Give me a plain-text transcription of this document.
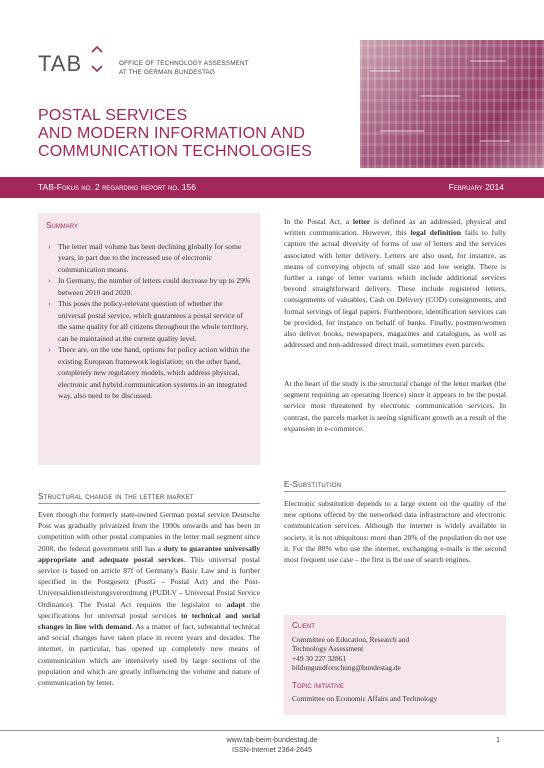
TAB	OFFICE OF TECHNOLOGY ASSESSMENT
AT THE GERMAN BUNDESTAG
POSTAL SERVICES
AND MODERN INFORMATION AND
COMMUNICATION TECHNOLOGIES
TAB-Fokus no. 2 regarding report no. 156	February 2014
Summary
› The letter mail volume has been declining globally for some years, in part due to the increased use of electronic communication means.
› In Germany, the number of letters could decrease by up to 29% between 2010 and 2020.
› This poses the policy-relevant question of whether the universal postal service, which guarantees a postal service of the same quality for all citizens throughout the whole territory, can be maintained at the current quality level.
› There are, on the one hand, options for policy action within the existing European framework legislation; on the other hand, completely new regulatory models, which address physical, electronic and hybrid communication systems in an integrated way, also need to be discussed.
Structural change in the letter market
Even though the formerly state-owned German postal service Deutsche Post was gradually privatized from the 1990s onwards and has been in competition with other postal companies in the letter mail segment since 2008, the federal government still has a duty to guarantee universally appropriate and adequate postal services. This universal postal service is based on article 87f of Germany's Basic Law and is further specified in the Postgesetz (PostG – Postal Act) and the Post-Universaldienstleistungsverordnung (PUDLV – Universal Postal Service Ordinance). The Postal Act requires the legislator to adapt the specifications for universal postal services to technical and social changes in line with demand. As a matter of fact, substantial technical and social changes have taken place in recent years and decades. The internet, in particular, has opened up completely new means of communication which are intensively used by large sections of the population and which are greatly influencing the volume and nature of communication by letter.
In the Postal Act, a letter is defined as an addressed, physical and written communication. However, this legal definition fails to fully capture the actual diversity of forms of use of letters and the services associated with letter delivery. Letters are also used, for instance, as means of conveying objects of small size and low weight. There is further a range of letter variants which include additional services beyond straightforward delivery. These include registered letters, consignments of valuables, Cash on Delivery (COD) consignments, and formal servings of legal papers. Furthermore, identification services can be provided, for instance on behalf of banks. Finally, postmen/women also deliver books, newspapers, magazines and catalogues, as well as addressed and non-addressed direct mail, sometimes even parcels.
At the heart of the study is the structural change of the letter market (the segment requiring an operating licence) since it appears to be the postal service most threatened by electronic communication services. In contrast, the parcels market is seeing significant growth as a result of the expansion in e-commerce.
E-Substitution
Electronic substitution depends to a large extent on the quality of the new options offered by the networked data infrastructure and electronic communication services. Although the internet is widely available in society, it is not ubiquitous: more than 20% of the population do not use it. For the 80% who use the internet, exchanging e-mails is the second most frequent use case – the first is the use of search engines.
Client
Committee on Education, Research and
Technology Assessment
+49 30 227 32861
bildungundforschung@bundestag.de
Topic initiative
Committee on Economic Affairs and Technology
www.tab-beim-bundestag.de
ISSN-Internet 2364-2645
1
